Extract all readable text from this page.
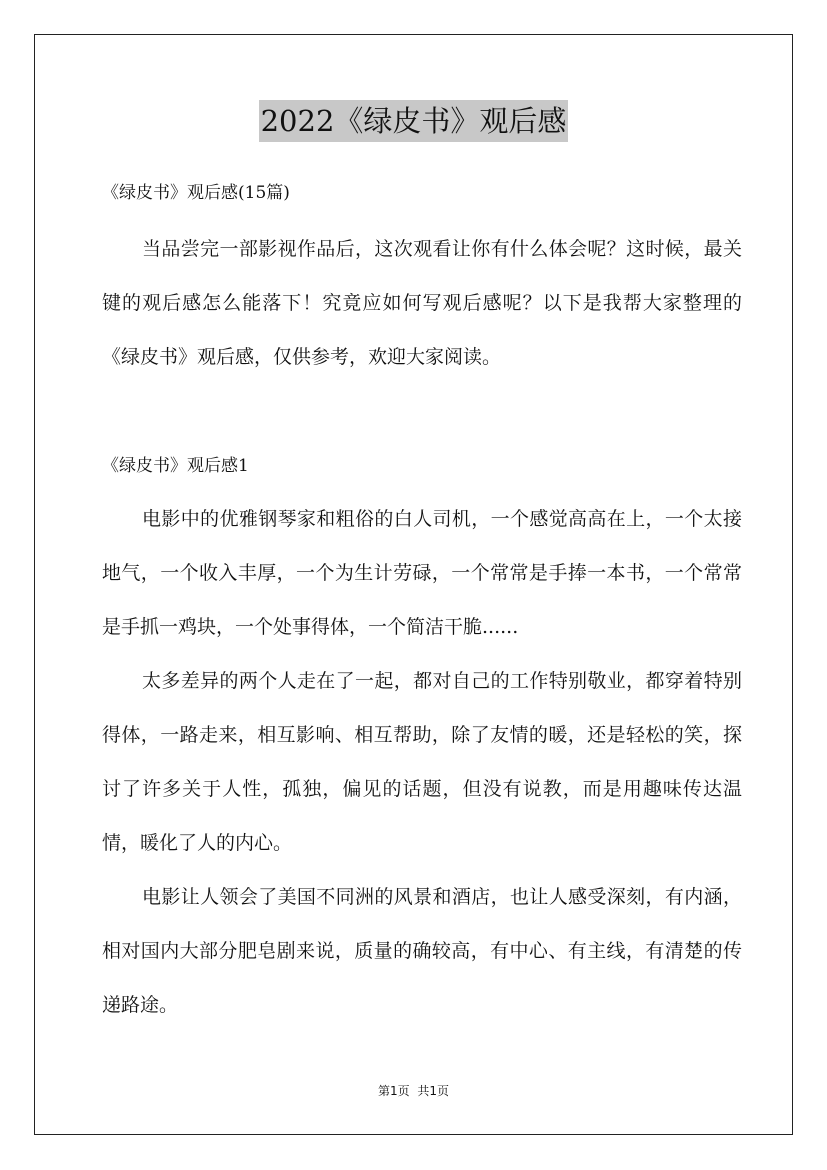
2022《绿皮书》观后感
《绿皮书》观后感(15篇)

当品尝完一部影视作品后，这次观看让你有什么体会呢？这时候，最关键的观后感怎么能落下！究竟应如何写观后感呢？以下是我帮大家整理的《绿皮书》观后感，仅供参考，欢迎大家阅读。

《绿皮书》观后感1

电影中的优雅钢琴家和粗俗的白人司机，一个感觉高高在上，一个太接地气，一个收入丰厚，一个为生计劳碌，一个常常是手捧一本书，一个常常是手抓一鸡块，一个处事得体，一个简洁干脆......

太多差异的两个人走在了一起，都对自己的工作特别敬业，都穿着特别得体，一路走来，相互影响、相互帮助，除了友情的暖，还是轻松的笑，探讨了许多关于人性，孤独，偏见的话题，但没有说教，而是用趣味传达温情，暖化了人的内心。

电影让人领会了美国不同洲的风景和酒店，也让人感受深刻，有内涵，相对国内大部分肥皂剧来说，质量的确较高，有中心、有主线，有清楚的传递路途。

第1页 共1页
